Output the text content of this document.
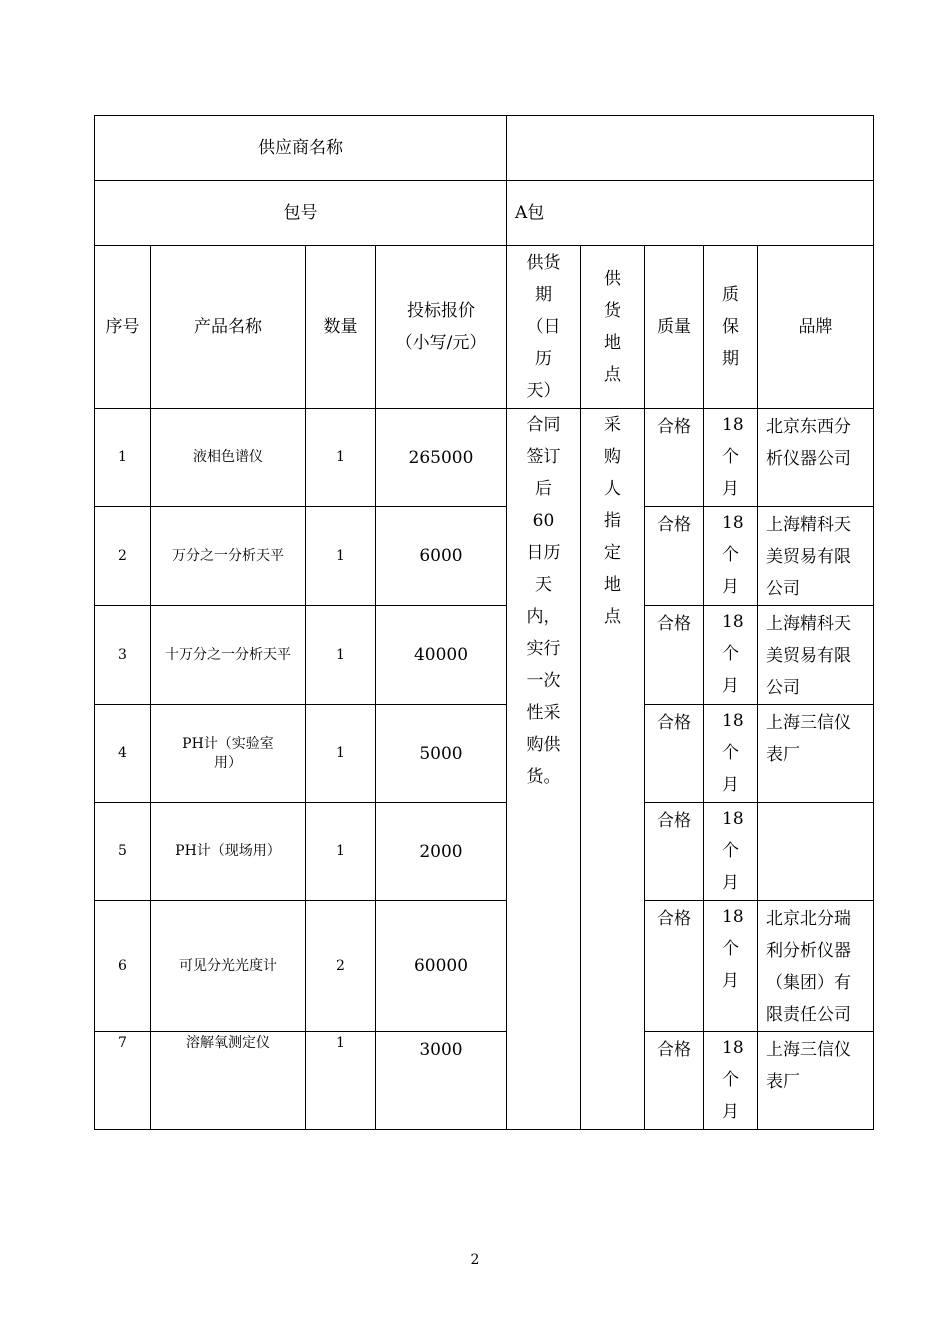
供应商名称								
包号				A包				
序号	产品名称	数量	投标报价（小写/元）	供货期（日历天）	供货地点	质量	质保期	品牌
1	液相色谱仪	1	265000	合同签订后60日历天内，实行一次性采购供货。	采购人指定地点	合格	18个月	北京东西分析仪器公司
2	万分之一分析天平	1	6000			合格	18个月	上海精科天美贸易有限公司
3	十万分之一分析天平	1	40000			合格	18个月	上海精科天美贸易有限公司
4	PH计（实验室用）	1	5000			合格	18个月	上海三信仪表厂
5	PH计（现场用）	1	2000			合格	18个月	
6	可见分光光度计	2	60000			合格	18个月	北京北分瑞利分析仪器（集团）有限责任公司
7	溶解氧测定仪	1	3000			合格	18个月	上海三信仪表厂
2
